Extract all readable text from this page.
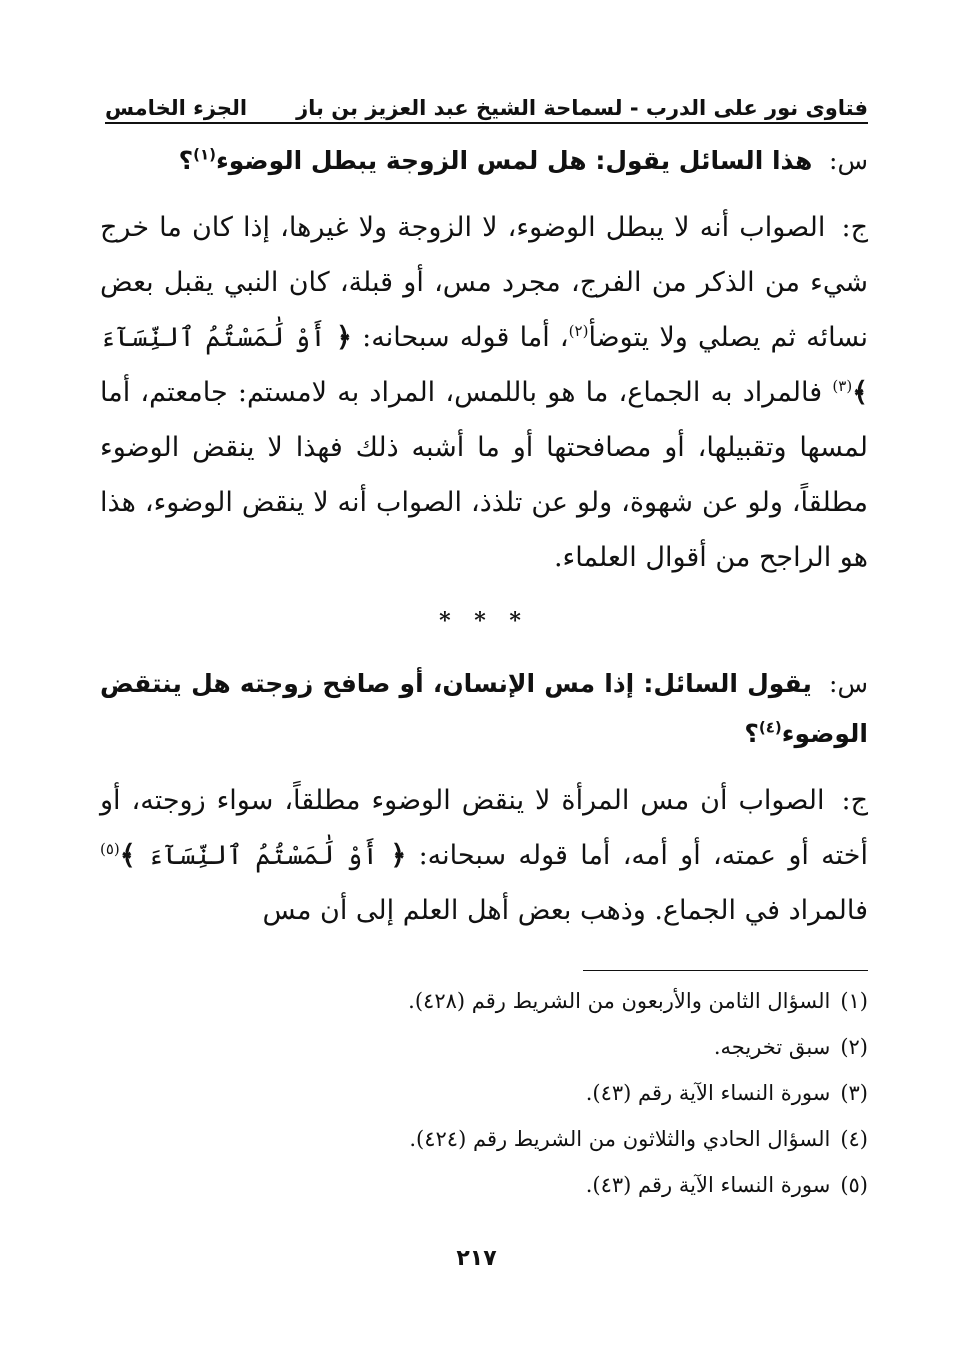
فتاوى نور على الدرب - لسماحة الشيخ عبد العزيز بن باز
الجزء الخامس

س: هذا السائل يقول: هل لمس الزوجة يبطل الوضوء$^{(١)}$؟

ج: الصواب أنه لا يبطل الوضوء، لا الزوجة ولا غيرها، إذا كان ما خرج شيء من الذكر من الفرج، مجرد مس، أو قبلة، كان النبي يقبل بعض نسائه ثم يصلي ولا يتوضأ$^{(٢)}$، أما قوله سبحانه: ﴿ أَوْ لَٰمَسْتُمُ ٱلنِّسَآءَ ﴾$^{(٣)}$ فالمراد به الجماع، ما هو باللمس، المراد به لامستم: جامعتم، أما لمسها وتقبيلها، أو مصافحتها أو ما أشبه ذلك فهذا لا ينقض الوضوء مطلقاً، ولو عن شهوة، ولو عن تلذذ، الصواب أنه لا ينقض الوضوء، هذا هو الراجح من أقوال العلماء.

* * *

س: يقول السائل: إذا مس الإنسان، أو صافح زوجته هل ينتقض الوضوء$^{(٤)}$؟

ج: الصواب أن مس المرأة لا ينقض الوضوء مطلقاً، سواء زوجته، أو أخته أو عمته، أو أمه، أما قوله سبحانه: ﴿ أَوْ لَٰمَسْتُمُ ٱلنِّسَآءَ ﴾$^{(٥)}$ فالمراد في الجماع. وذهب بعض أهل العلم إلى أن مس

(١)السؤال الثامن والأربعون من الشريط رقم (٤٢٨).
(٢)سبق تخريجه.
(٣)سورة النساء الآية رقم (٤٣).
(٤)السؤال الحادي والثلاثون من الشريط رقم (٤٢٤).
(٥)سورة النساء الآية رقم (٤٣).
٢١٧
